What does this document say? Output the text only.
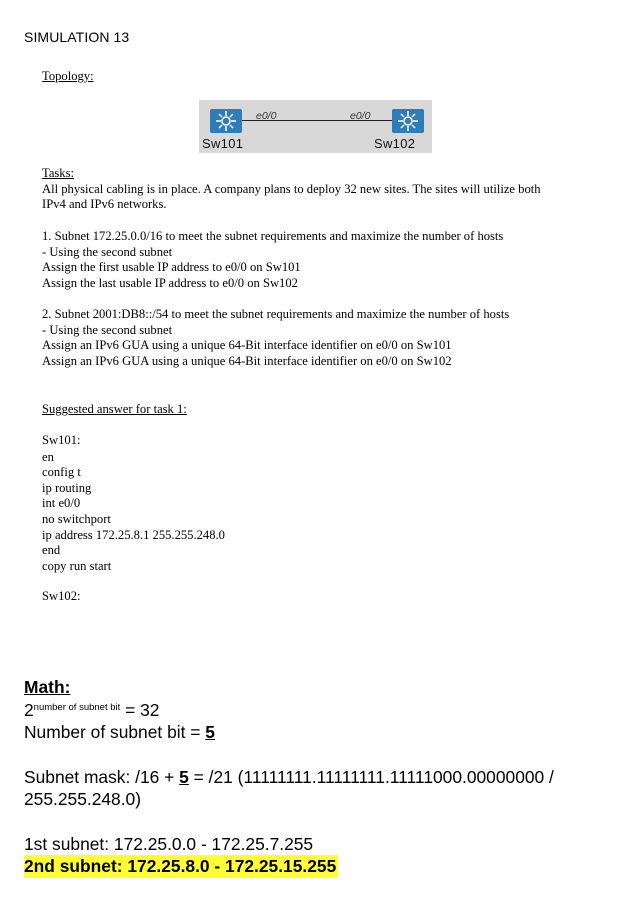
SIMULATION 13
Topology:
e0/0	e0/0
Sw101	Sw102
Tasks:
All physical cabling is in place. A company plans to deploy 32 new sites. The sites will utilize both
IPv4 and IPv6 networks.
1. Subnet 172.25.0.0/16 to meet the subnet requirements and maximize the number of hosts
- Using the second subnet
Assign the first usable IP address to e0/0 on Sw101
Assign the last usable IP address to e0/0 on Sw102
2. Subnet 2001:DB8::/54 to meet the subnet requirements and maximize the number of hosts
- Using the second subnet
Assign an IPv6 GUA using a unique 64-Bit interface identifier on e0/0 on Sw101
Assign an IPv6 GUA using a unique 64-Bit interface identifier on e0/0 on Sw102
Suggested answer for task 1:
Sw101:
en
config t
ip routing
int e0/0
no switchport
ip address 172.25.8.1 255.255.248.0
end
copy run start
Sw102:
Math:
$2^{number of subnet bit} = 32$
Number of subnet bit = 5
Subnet mask: /16 + 5 = /21 (11111111.11111111.11111000.00000000 /
255.255.248.0)
1st subnet: 172.25.0.0 - 172.25.7.255
2nd subnet: 172.25.8.0 - 172.25.15.255
